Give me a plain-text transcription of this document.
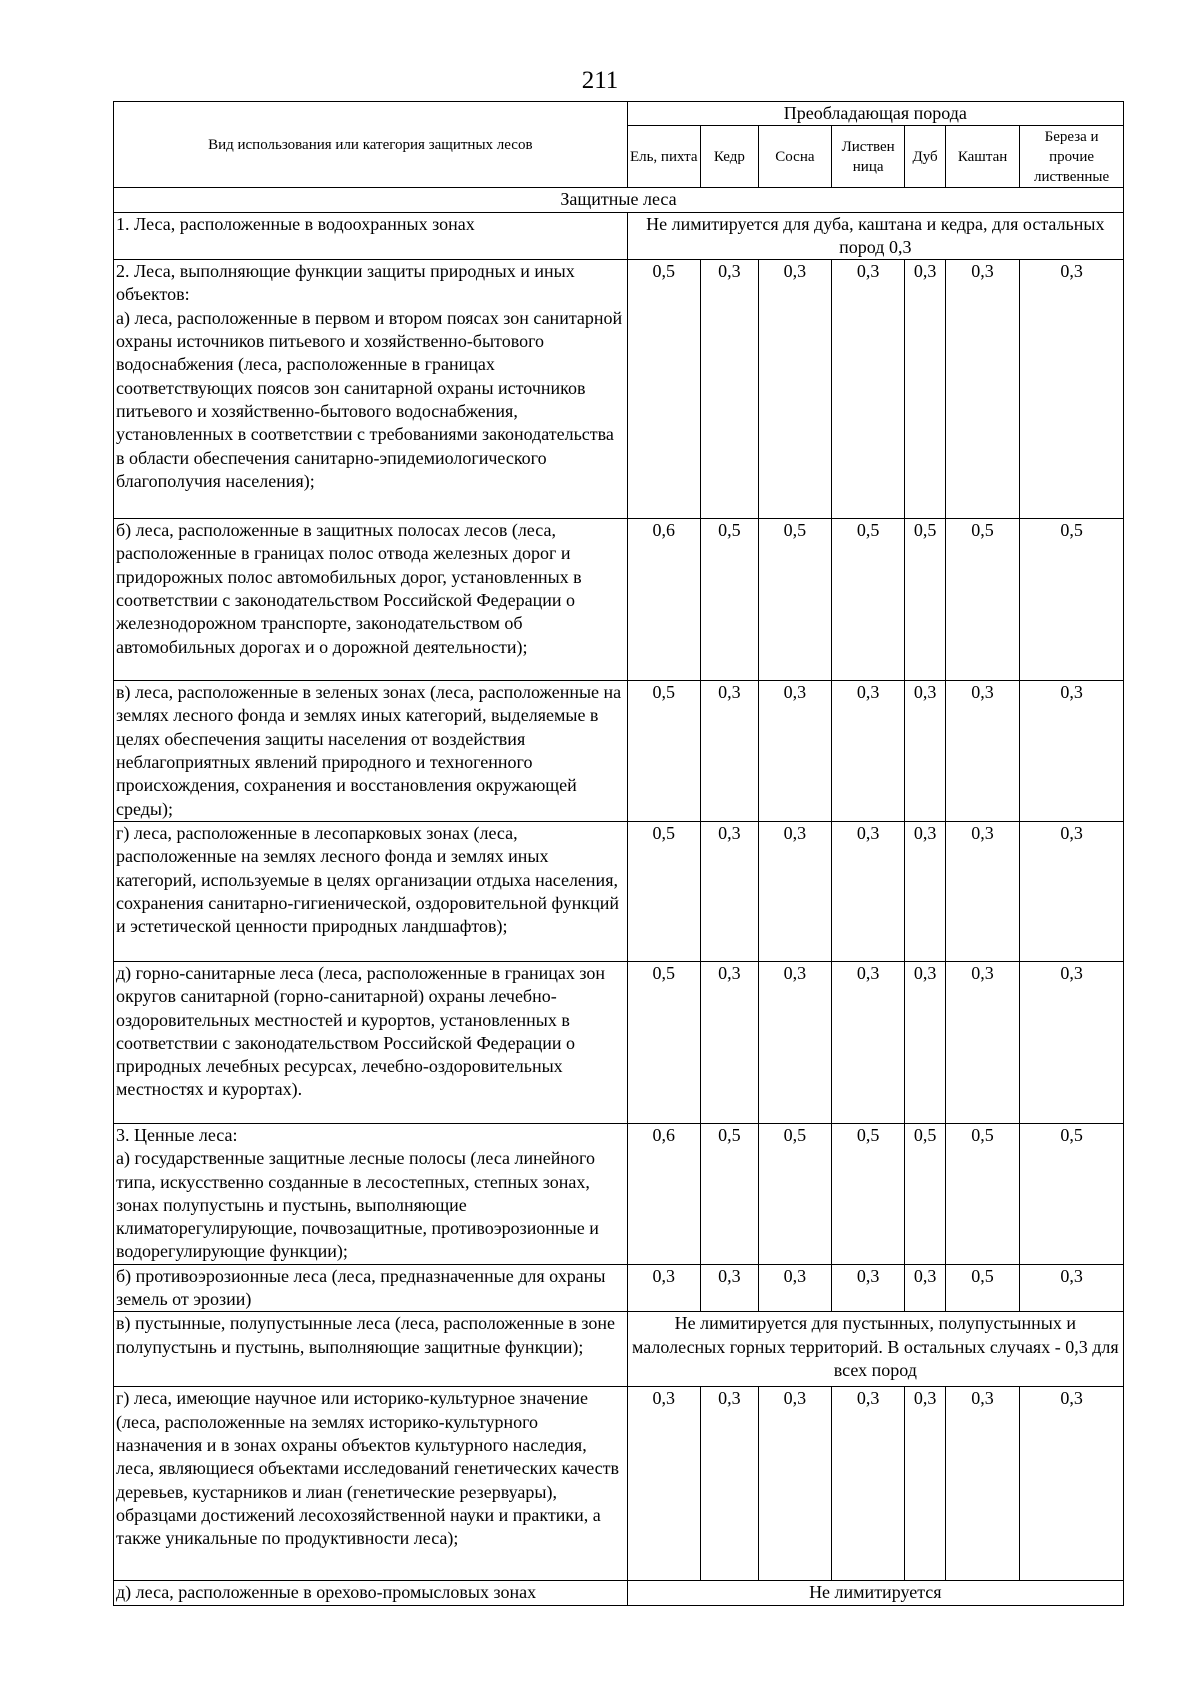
211
Вид использования или категория защитных лесов	Преобладающая порода						
	Ель, пихта	Кедр	Сосна	Листвен ница	Дуб	Каштан	Береза и прочие лиственные
Защитные леса							
1. Леса, расположенные в водоохранных зонах	Не лимитируется для дуба, каштана и кедра, для остальных пород 0,3						
2. Леса, выполняющие функции защиты природных и иных объектов:
а) леса, расположенные в первом и втором поясах зон санитарной охраны источников питьевого и хозяйственно-бытового водоснабжения (леса, расположенные в границах соответствующих поясов зон санитарной охраны источников питьевого и хозяйственно-бытового водоснабжения, установленных в соответствии с требованиями законодательства в области обеспечения санитарно-эпидемиологического благополучия населения);	0,5	0,3	0,3	0,3	0,3	0,3	0,3
б) леса, расположенные в защитных полосах лесов (леса, расположенные в границах полос отвода железных дорог и придорожных полос автомобильных дорог, установленных в соответствии с законодательством Российской Федерации о железнодорожном транспорте, законодательством об автомобильных дорогах и о дорожной деятельности);	0,6	0,5	0,5	0,5	0,5	0,5	0,5
в) леса, расположенные в зеленых зонах (леса, расположенные на землях лесного фонда и землях иных категорий, выделяемые в целях обеспечения защиты населения от воздействия неблагоприятных явлений природного и техногенного происхождения, сохранения и восстановления окружающей среды);	0,5	0,3	0,3	0,3	0,3	0,3	0,3
г) леса, расположенные в лесопарковых зонах (леса, расположенные на землях лесного фонда и землях иных категорий, используемые в целях организации отдыха населения, сохранения санитарно-гигиенической, оздоровительной функций и эстетической ценности природных ландшафтов);	0,5	0,3	0,3	0,3	0,3	0,3	0,3
д) горно-санитарные леса (леса, расположенные в границах зон округов санитарной (горно-санитарной) охраны лечебно-оздоровительных местностей и курортов, установленных в соответствии с законодательством Российской Федерации о природных лечебных ресурсах, лечебно-оздоровительных местностях и курортах).	0,5	0,3	0,3	0,3	0,3	0,3	0,3
3. Ценные леса:
а) государственные защитные лесные полосы (леса линейного типа, искусственно созданные в лесостепных, степных зонах, зонах полупустынь и пустынь, выполняющие климаторегулирующие, почвозащитные, противоэрозионные и водорегулирующие функции);	0,6	0,5	0,5	0,5	0,5	0,5	0,5
б) противоэрозионные леса (леса, предназначенные для охраны земель от эрозии)	0,3	0,3	0,3	0,3	0,3	0,5	0,3
в) пустынные, полупустынные леса (леса, расположенные в зоне полупустынь и пустынь, выполняющие защитные функции);	Не лимитируется для пустынных, полупустынных и малолесных горных территорий. В остальных случаях - 0,3 для всех пород						
г) леса, имеющие научное или историко-культурное значение (леса, расположенные на землях историко-культурного назначения и в зонах охраны объектов культурного наследия, леса, являющиеся объектами исследований генетических качеств деревьев, кустарников и лиан (генетические резервуары), образцами достижений лесохозяйственной науки и практики, а также уникальные по продуктивности леса);	0,3	0,3	0,3	0,3	0,3	0,3	0,3
д) леса, расположенные в орехово-промысловых зонах	Не лимитируется						
